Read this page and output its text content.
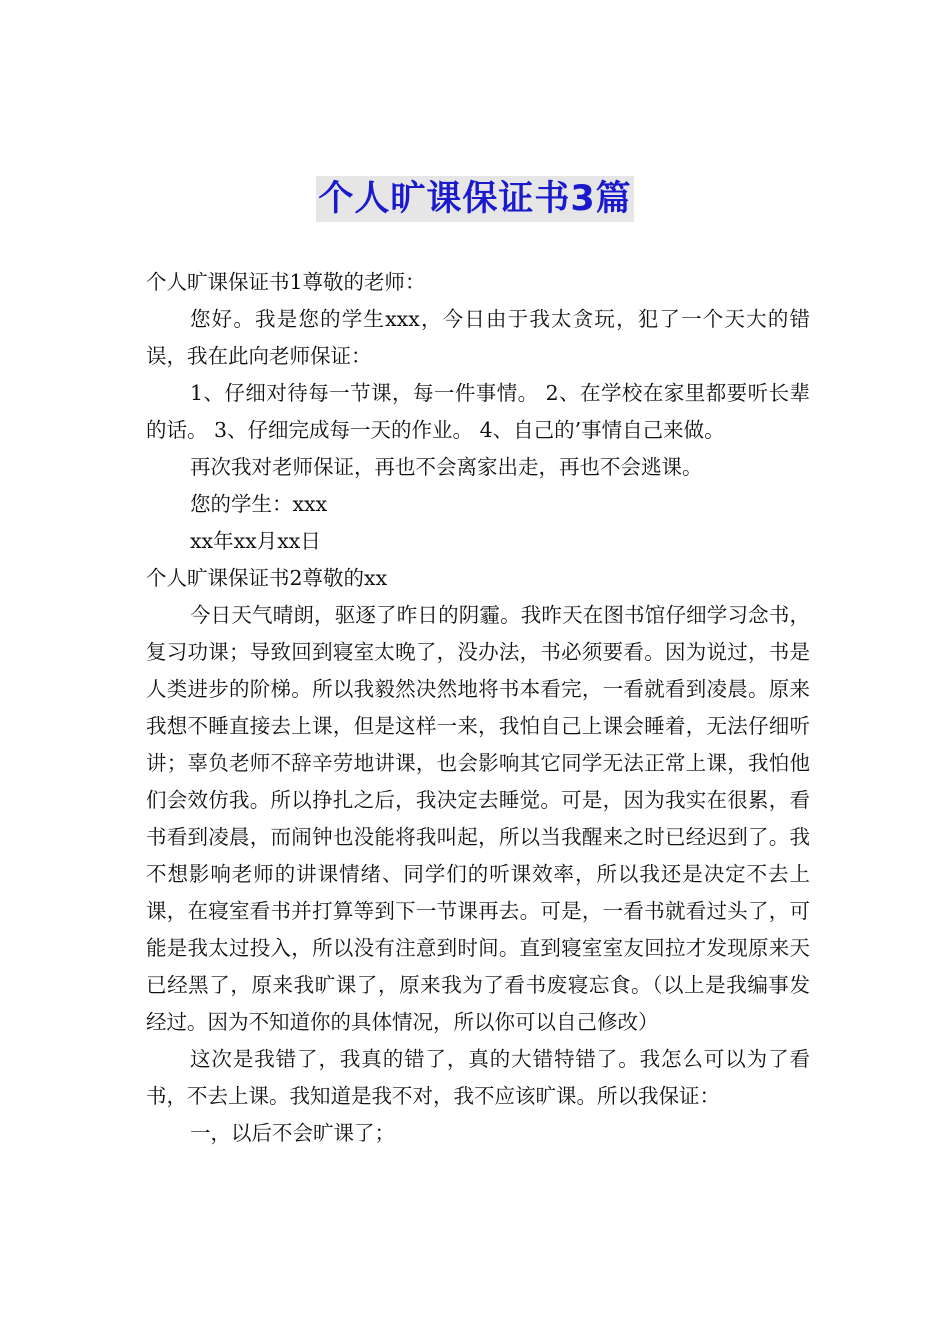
个人旷课保证书3篇

个人旷课保证书1尊敬的老师：

您好。我是您的学生xxx，今日由于我太贪玩，犯了一个天大的错误，我在此向老师保证：

1、仔细对待每一节课，每一件事情。 2、在学校在家里都要听长辈的话。 3、仔细完成每一天的作业。 4、自己的’事情自己来做。

再次我对老师保证，再也不会离家出走，再也不会逃课。

您的学生：xxx

xx年xx月xx日

个人旷课保证书2尊敬的xx

今日天气晴朗，驱逐了昨日的阴霾。我昨天在图书馆仔细学习念书，复习功课；导致回到寝室太晚了，没办法，书必须要看。因为说过，书是人类进步的阶梯。所以我毅然决然地将书本看完，一看就看到凌晨。原来我想不睡直接去上课，但是这样一来，我怕自己上课会睡着，无法仔细听讲；辜负老师不辞辛劳地讲课，也会影响其它同学无法正常上课，我怕他们会效仿我。所以挣扎之后，我决定去睡觉。可是，因为我实在很累，看书看到凌晨，而闹钟也没能将我叫起，所以当我醒来之时已经迟到了。我不想影响老师的讲课情绪、同学们的听课效率，所以我还是决定不去上课，在寝室看书并打算等到下一节课再去。可是，一看书就看过头了，可能是我太过投入，所以没有注意到时间。直到寝室室友回拉才发现原来天已经黑了，原来我旷课了，原来我为了看书废寝忘食。（以上是我编事发经过。因为不知道你的具体情况，所以你可以自己修改）

这次是我错了，我真的错了，真的大错特错了。我怎么可以为了看书，不去上课。我知道是我不对，我不应该旷课。所以我保证：

一，以后不会旷课了；
